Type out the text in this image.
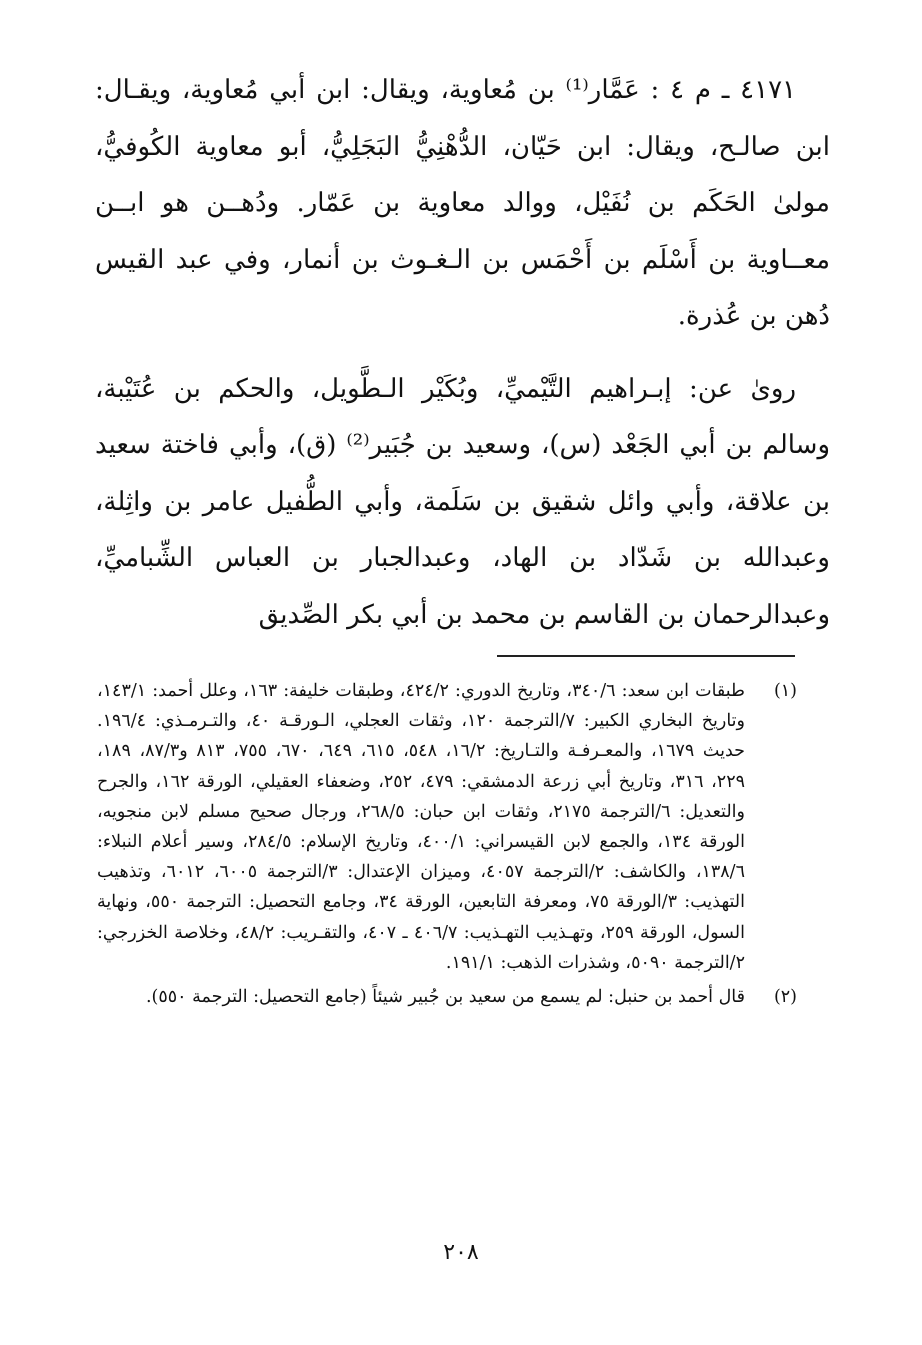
٤١٧١ ـ م ٤ : عَمَّار⁽¹⁾ بن مُعاوية، ويقال: ابن أبي مُعاوية، ويقـال: ابن صالـح، ويقال: ابن حَيّان، الدُّهْنِيُّ البَجَلِيُّ، أبو معاوية الكُوفيُّ، مولىٰ الحَكَم بن نُفَيْل، ووالد معاوية بن عَمّار. ودُهــن هو ابــن معــاوية بن أَسْلَم بن أَحْمَس بن الـغـوث بن أنمار، وفي عبد القيس دُهن بن عُذرة.

روىٰ عن: إبـراهيم التَّيْميِّ، وبُكَيْر الـطَّويل، والحكم بن عُتَيْبة، وسالم بن أبي الجَعْد (س)، وسعيد بن جُبَير⁽²⁾ (ق)، وأبي فاختة سعيد بن علاقة، وأبي وائل شقيق بن سَلَمة، وأبي الطُّفيل عامر بن واثِلة، وعبدالله بن شَدّاد بن الهاد، وعبدالجبار بن العباس الشِّباميِّ، وعبدالرحمان بن القاسم بن محمد بن أبي بكر الصِّديق

(١)
طبقات ابن سعد: ٣٤٠/٦، وتاريخ الدوري: ٤٢٤/٢، وطبقات خليفة: ١٦٣، وعلل أحمد: ١٤٣/١، وتاريخ البخاري الكبير: ٧/الترجمة ١٢٠، وثقات العجلي، الـورقـة ٤٠، والتـرمـذي: ١٩٦/٤. حديث ١٦٧٩، والمعـرفـة والتـاريخ: ١٦/٢، ٥٤٨، ٦١٥، ٦٤٩، ٦٧٠، ٧٥٥، ٨١٣ و٨٧/٣، ١٨٩، ٢٢٩، ٣١٦، وتاريخ أبي زرعة الدمشقي: ٤٧٩، ٢٥٢، وضعفاء العقيلي، الورقة ١٦٢، والجرح والتعديل: ٦/الترجمة ٢١٧٥، وثقات ابن حبان: ٢٦٨/٥، ورجال صحيح مسلم لابن منجويه، الورقة ١٣٤، والجمع لابن القيسراني: ٤٠٠/١، وتاريخ الإسلام: ٢٨٤/٥، وسير أعلام النبلاء: ١٣٨/٦، والكاشف: ٢/الترجمة ٤٠٥٧، وميزان الإعتدال: ٣/الترجمة ٦٠٠٥، ٦٠١٢، وتذهيب التهذيب: ٣/الورقة ٧٥، ومعرفة التابعين، الورقة ٣٤، وجامع التحصيل: الترجمة ٥٥٠، ونهاية السول، الورقة ٢٥٩، وتهـذيب التهـذيب: ٤٠٦/٧ ـ ٤٠٧، والتقـريب: ٤٨/٢، وخلاصة الخزرجي: ٢/الترجمة ٥٠٩٠، وشذرات الذهب: ١٩١/١.
(٢)
قال أحمد بن حنبل: لم يسمع من سعيد بن جُبير شيئاً (جامع التحصيل: الترجمة ٥٥٠).
٢٠٨
